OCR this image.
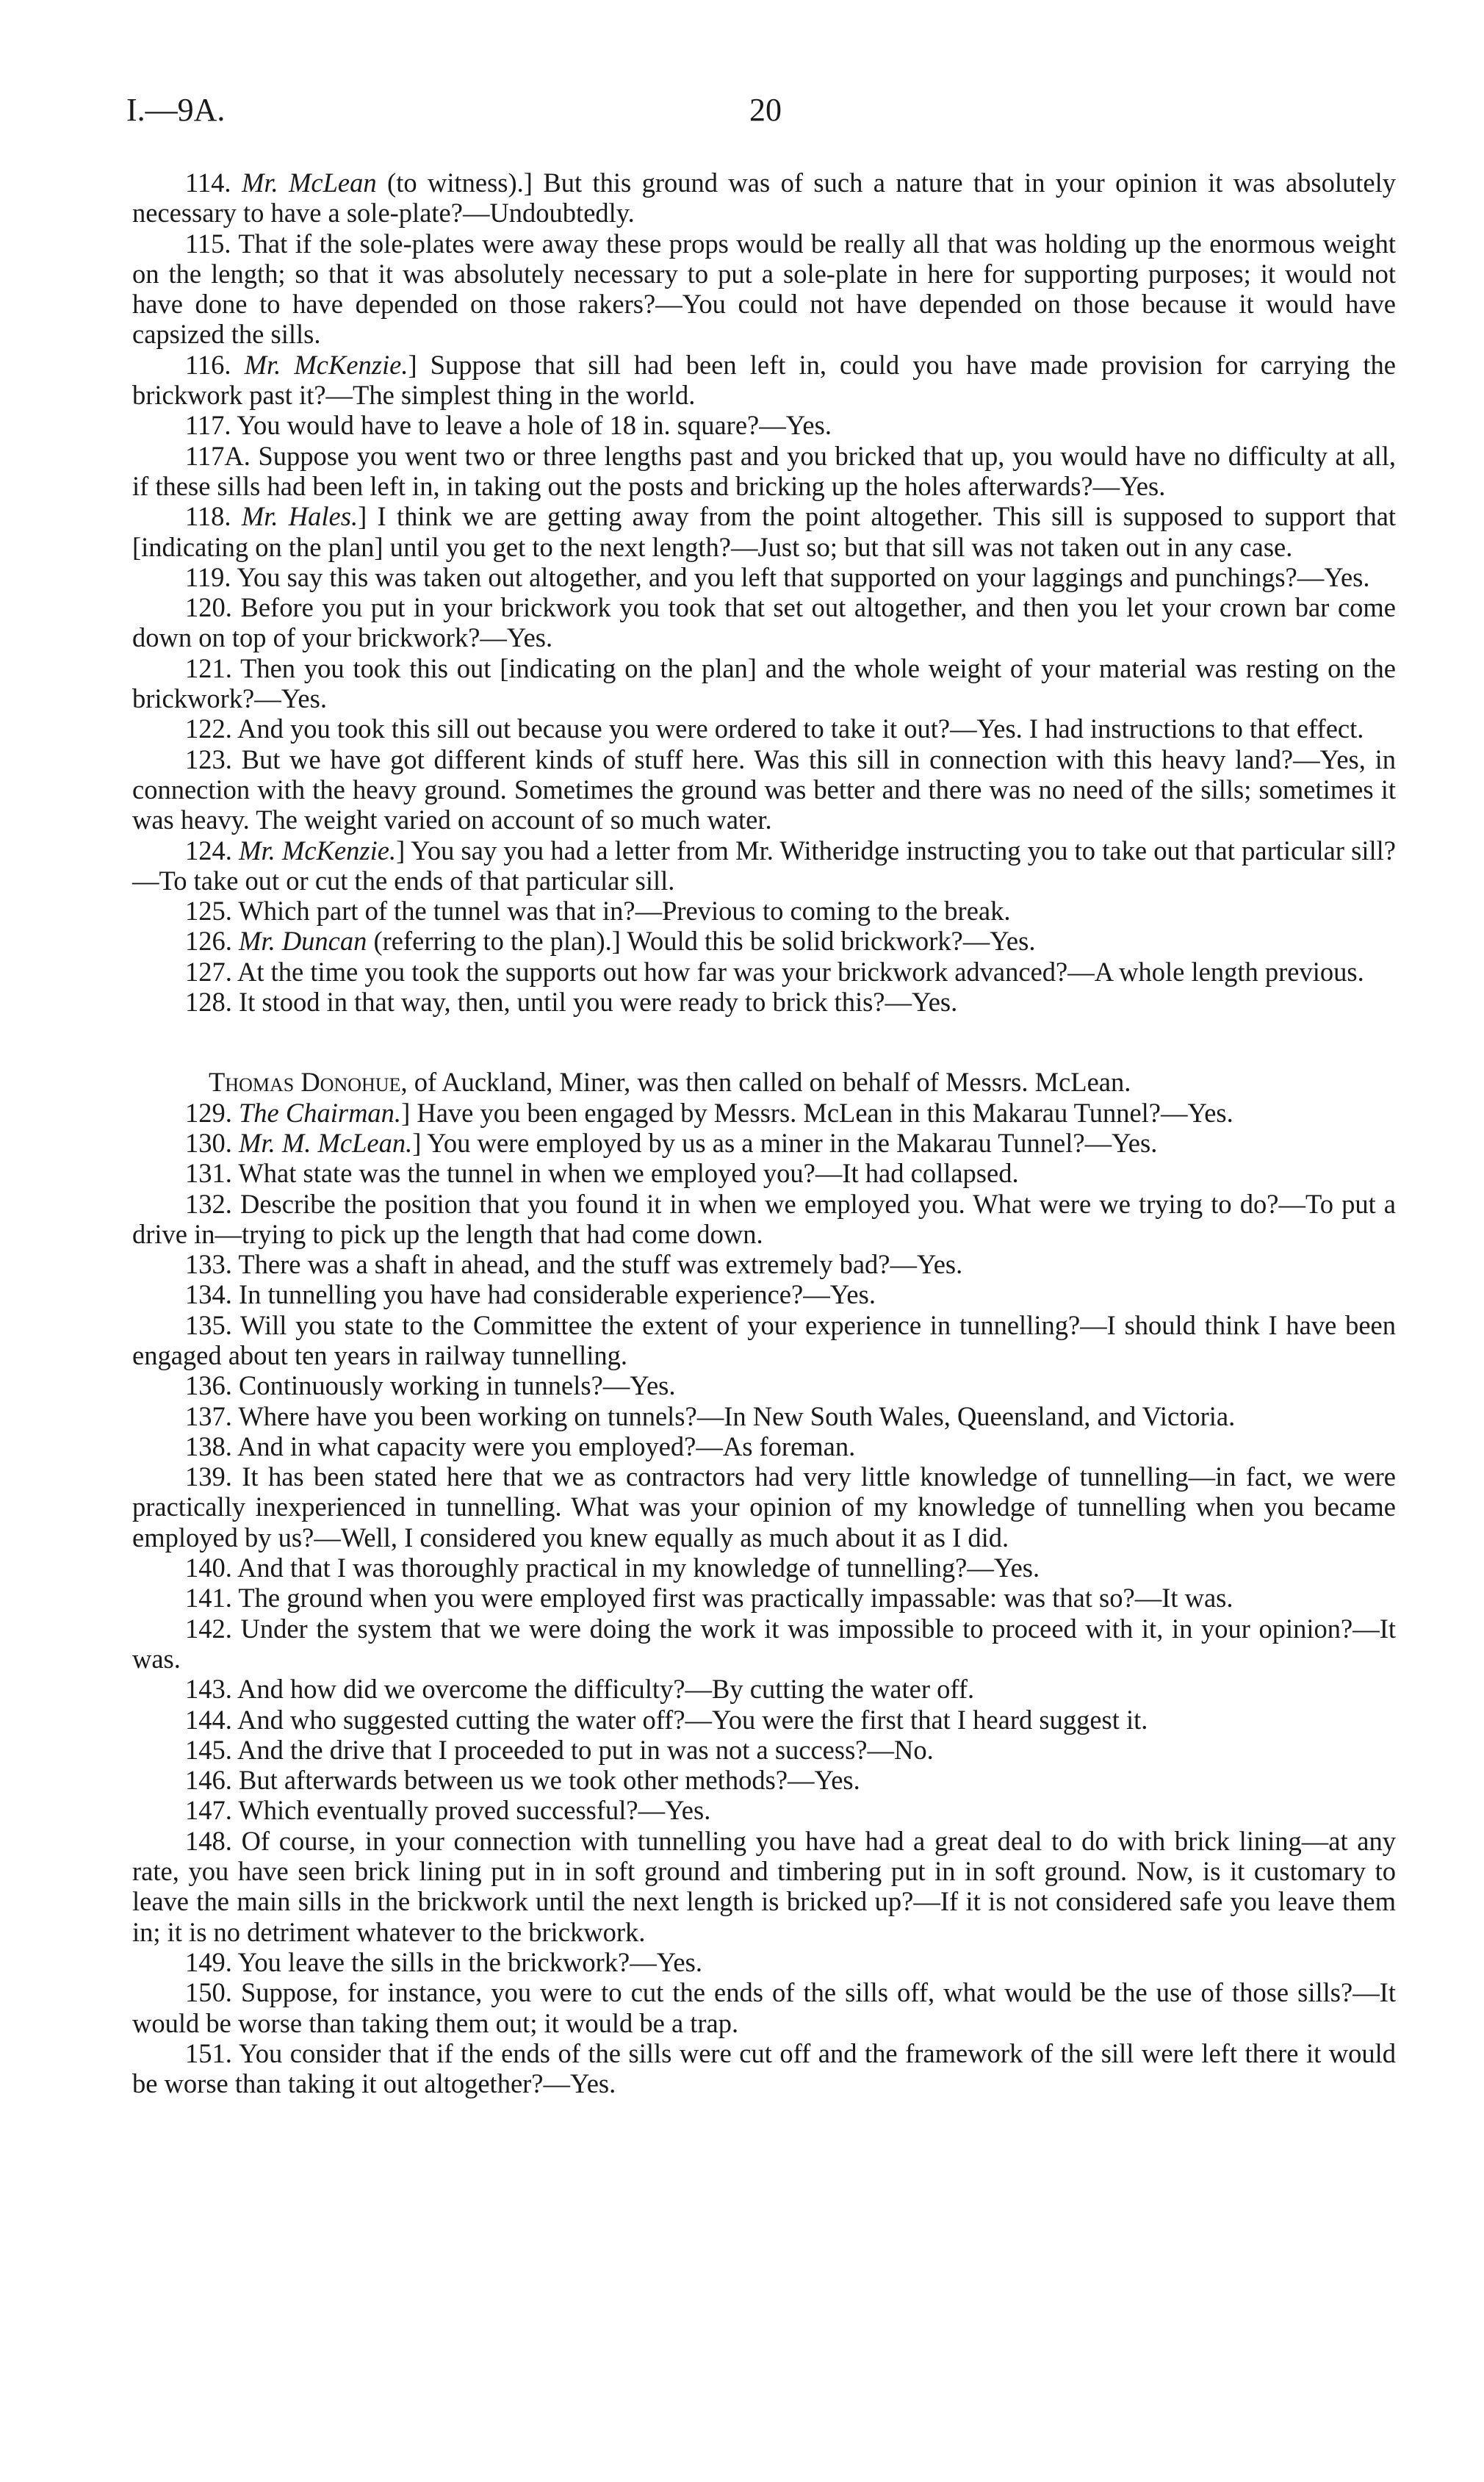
I.—9A.	20

114. Mr. McLean (to witness).] But this ground was of such a nature that in your opinion it was absolutely necessary to have a sole-plate?—Undoubtedly.

115. That if the sole-plates were away these props would be really all that was holding up the enormous weight on the length; so that it was absolutely necessary to put a sole-plate in here for supporting purposes; it would not have done to have depended on those rakers?—You could not have depended on those because it would have capsized the sills.

116. Mr. McKenzie.] Suppose that sill had been left in, could you have made provision for carrying the brickwork past it?—The simplest thing in the world.

117. You would have to leave a hole of 18 in. square?—Yes.

117A. Suppose you went two or three lengths past and you bricked that up, you would have no difficulty at all, if these sills had been left in, in taking out the posts and bricking up the holes afterwards?—Yes.

118. Mr. Hales.] I think we are getting away from the point altogether. This sill is supposed to support that [indicating on the plan] until you get to the next length?—Just so; but that sill was not taken out in any case.

119. You say this was taken out altogether, and you left that supported on your laggings and punchings?—Yes.

120. Before you put in your brickwork you took that set out altogether, and then you let your crown bar come down on top of your brickwork?—Yes.

121. Then you took this out [indicating on the plan] and the whole weight of your material was resting on the brickwork?—Yes.

122. And you took this sill out because you were ordered to take it out?—Yes. I had instructions to that effect.

123. But we have got different kinds of stuff here. Was this sill in connection with this heavy land?—Yes, in connection with the heavy ground. Sometimes the ground was better and there was no need of the sills; sometimes it was heavy. The weight varied on account of so much water.

124. Mr. McKenzie.] You say you had a letter from Mr. Witheridge instructing you to take out that particular sill?—To take out or cut the ends of that particular sill.

125. Which part of the tunnel was that in?—Previous to coming to the break.

126. Mr. Duncan (referring to the plan).] Would this be solid brickwork?—Yes.

127. At the time you took the supports out how far was your brickwork advanced?—A whole length previous.

128. It stood in that way, then, until you were ready to brick this?—Yes.

Thomas Donohue, of Auckland, Miner, was then called on behalf of Messrs. McLean.

129. The Chairman.] Have you been engaged by Messrs. McLean in this Makarau Tunnel?—Yes.

130. Mr. M. McLean.] You were employed by us as a miner in the Makarau Tunnel?—Yes.

131. What state was the tunnel in when we employed you?—It had collapsed.

132. Describe the position that you found it in when we employed you. What were we trying to do?—To put a drive in—trying to pick up the length that had come down.

133. There was a shaft in ahead, and the stuff was extremely bad?—Yes.

134. In tunnelling you have had considerable experience?—Yes.

135. Will you state to the Committee the extent of your experience in tunnelling?—I should think I have been engaged about ten years in railway tunnelling.

136. Continuously working in tunnels?—Yes.

137. Where have you been working on tunnels?—In New South Wales, Queensland, and Victoria.

138. And in what capacity were you employed?—As foreman.

139. It has been stated here that we as contractors had very little knowledge of tunnelling—in fact, we were practically inexperienced in tunnelling. What was your opinion of my knowledge of tunnelling when you became employed by us?—Well, I considered you knew equally as much about it as I did.

140. And that I was thoroughly practical in my knowledge of tunnelling?—Yes.

141. The ground when you were employed first was practically impassable: was that so?—It was.

142. Under the system that we were doing the work it was impossible to proceed with it, in your opinion?—It was.

143. And how did we overcome the difficulty?—By cutting the water off.

144. And who suggested cutting the water off?—You were the first that I heard suggest it.

145. And the drive that I proceeded to put in was not a success?—No.

146. But afterwards between us we took other methods?—Yes.

147. Which eventually proved successful?—Yes.

148. Of course, in your connection with tunnelling you have had a great deal to do with brick lining—at any rate, you have seen brick lining put in in soft ground and timbering put in in soft ground. Now, is it customary to leave the main sills in the brickwork until the next length is bricked up?—If it is not considered safe you leave them in; it is no detriment whatever to the brickwork.

149. You leave the sills in the brickwork?—Yes.

150. Suppose, for instance, you were to cut the ends of the sills off, what would be the use of those sills?—It would be worse than taking them out; it would be a trap.

151. You consider that if the ends of the sills were cut off and the framework of the sill were left there it would be worse than taking it out altogether?—Yes.
